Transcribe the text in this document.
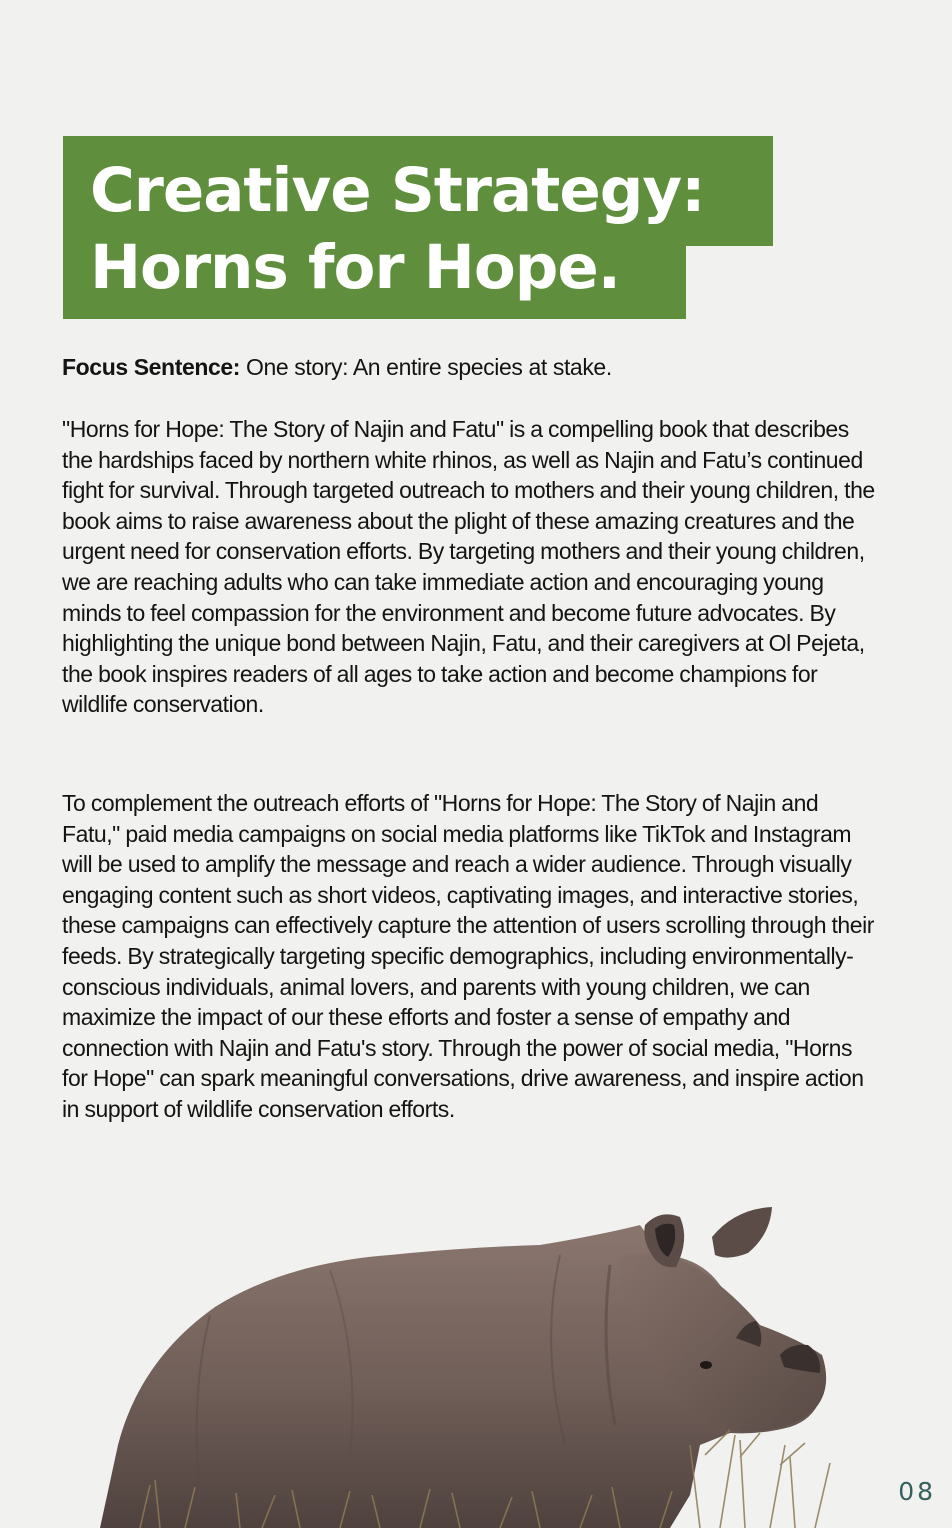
Creative Strategy:
Horns for Hope.

Focus Sentence: One story: An entire species at stake.

"Horns for Hope: The Story of Najin and Fatu" is a compelling book that describes the hardships faced by northern white rhinos, as well as Najin and Fatu’s continued fight for survival. Through targeted outreach to mothers and their young children, the book aims to raise awareness about the plight of these amazing creatures and the urgent need for conservation efforts. By targeting mothers and their young children, we are reaching adults who can take immediate action and encouraging young minds to feel compassion for the environment and become future advocates. By highlighting the unique bond between Najin, Fatu, and their caregivers at Ol Pejeta, the book inspires readers of all ages to take action and become champions for wildlife conservation.

To complement the outreach efforts of "Horns for Hope: The Story of Najin and Fatu," paid media campaigns on social media platforms like TikTok and Instagram will be used to amplify the message and reach a wider audience. Through visually engaging content such as short videos, captivating images, and interactive stories, these campaigns can effectively capture the attention of users scrolling through their feeds. By strategically targeting specific demographics, including environmentally-conscious individuals, animal lovers, and parents with young children, we can maximize the impact of our these efforts and foster a sense of empathy and connection with Najin and Fatu's story. Through the power of social media, "Horns for Hope" can spark meaningful conversations, drive awareness, and inspire action in support of wildlife conservation efforts.

08
